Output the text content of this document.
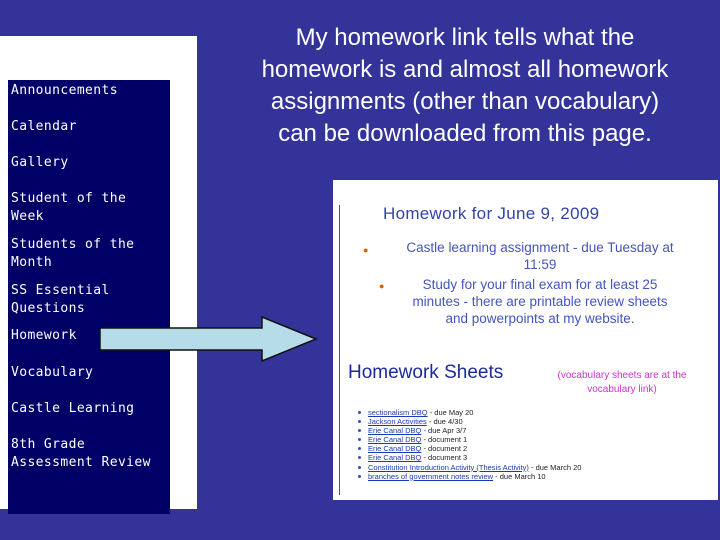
My homework link tells what the
homework is and almost all homework
assignments (other than vocabulary)
can be downloaded from this page.
Announcements
Calendar
Gallery
Student of the
Week
Students of the
Month
SS Essential
Questions
Homework
Vocabulary
Castle Learning
8th Grade
Assessment Review
Homework for June 9, 2009
●	Castle learning assignment - due Tuesday at
11:59
●	Study for your final exam for at least 25
minutes - there are printable review sheets
and powerpoints at my website.
Homework Sheets	(vocabulary sheets are at the
vocabulary link)
sectionalism DBQ - due May 20
Jackson Activities - due 4/30
Erie Canal DBQ - due Apr 3/7
Erie Canal DBQ - document 1
Erie Canal DBQ - document 2
Erie Canal DBQ - document 3
Constitution Introduction Activity (Thesis Activity) - due March 20
branches of government notes review - due March 10
